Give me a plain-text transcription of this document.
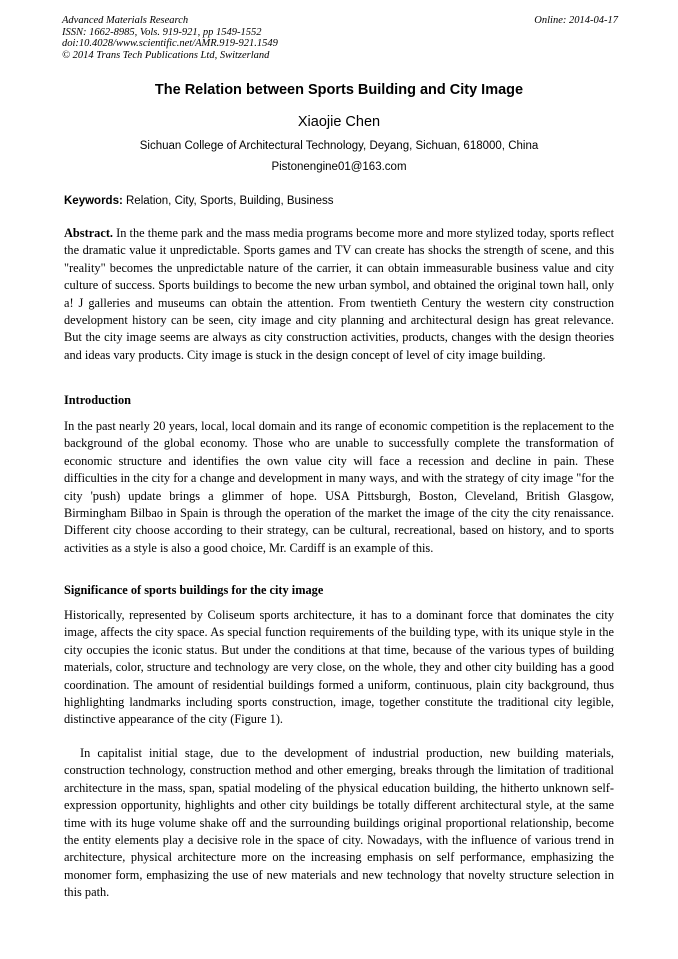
Advanced Materials Research
ISSN: 1662-8985, Vols. 919-921, pp 1549-1552
doi:10.4028/www.scientific.net/AMR.919-921.1549
© 2014 Trans Tech Publications Ltd, Switzerland
Online: 2014-04-17
The Relation between Sports Building and City Image
Xiaojie Chen
Sichuan College of Architectural Technology, Deyang, Sichuan, 618000, China
Pistonengine01@163.com
Keywords: Relation, City, Sports, Building, Business

Abstract. In the theme park and the mass media programs become more and more stylized today, sports reflect the dramatic value it unpredictable. Sports games and TV can create has shocks the strength of scene, and this "reality" becomes the unpredictable nature of the carrier, it can obtain immeasurable business value and city culture of success. Sports buildings to become the new urban symbol, and obtained the original town hall, only a! J galleries and museums can obtain the attention. From twentieth Century the western city construction development history can be seen, city image and city planning and architectural design has great relevance. But the city image seems are always as city construction activities, products, changes with the design theories and ideas vary products. City image is stuck in the design concept of level of city image building.

Introduction

In the past nearly 20 years, local, local domain and its range of economic competition is the replacement to the background of the global economy. Those who are unable to successfully complete the transformation of economic structure and identifies the own value city will face a recession and decline in pain. These difficulties in the city for a change and development in many ways, and with the strategy of city image "for the city 'push) update brings a glimmer of hope. USA Pittsburgh, Boston, Cleveland, British Glasgow, Birmingham Bilbao in Spain is through the operation of the market the image of the city the city renaissance. Different city choose according to their strategy, can be cultural, recreational, based on history, and to sports activities as a style is also a good choice, Mr. Cardiff is an example of this.

Significance of sports buildings for the city image

Historically, represented by Coliseum sports architecture, it has to a dominant force that dominates the city image, affects the city space. As special function requirements of the building type, with its unique style in the city occupies the iconic status. But under the conditions at that time, because of the various types of building materials, color, structure and technology are very close, on the whole, they and other city building has a good coordination. The amount of residential buildings formed a uniform, continuous, plain city background, thus highlighting landmarks including sports construction, image, together constitute the traditional city legible, distinctive appearance of the city (Figure 1).

In capitalist initial stage, due to the development of industrial production, new building materials, construction technology, construction method and other emerging, breaks through the limitation of traditional architecture in the mass, span, spatial modeling of the physical education building, the hitherto unknown self-expression opportunity, highlights and other city buildings be totally different architectural style, at the same time with its huge volume shake off and the surrounding buildings original proportional relationship, become the entity elements play a decisive role in the space of city. Nowadays, with the influence of various trend in architecture, physical architecture more on the increasing emphasis on self performance, emphasizing the monomer form, emphasizing the use of new materials and new technology that novelty structure selection in this path.
